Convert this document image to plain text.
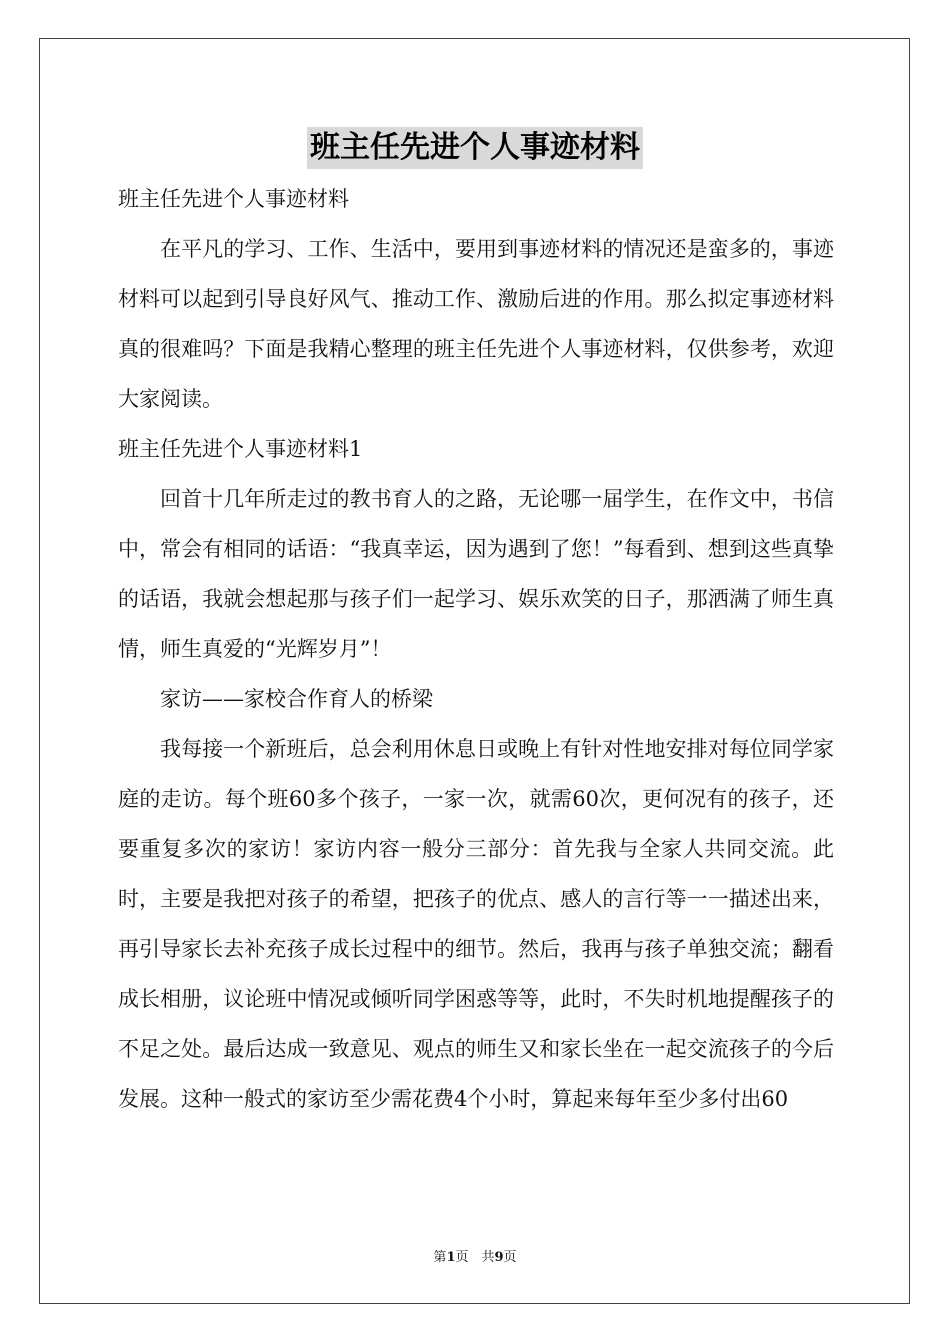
班主任先进个人事迹材料

班主任先进个人事迹材料

在平凡的学习、工作、生活中，要用到事迹材料的情况还是蛮多的，事迹材料可以起到引导良好风气、推动工作、激励后进的作用。那么拟定事迹材料真的很难吗？下面是我精心整理的班主任先进个人事迹材料，仅供参考，欢迎大家阅读。

班主任先进个人事迹材料1

回首十几年所走过的教书育人的之路，无论哪一届学生，在作文中，书信中，常会有相同的话语：“我真幸运，因为遇到了您！”每看到、想到这些真挚的话语，我就会想起那与孩子们一起学习、娱乐欢笑的日子，那洒满了师生真情，师生真爱的“光辉岁月”！

家访——家校合作育人的桥梁

我每接一个新班后，总会利用休息日或晚上有针对性地安排对每位同学家庭的走访。每个班60多个孩子，一家一次，就需60次，更何况有的孩子，还要重复多次的家访！家访内容一般分三部分：首先我与全家人共同交流。此时，主要是我把对孩子的希望，把孩子的优点、感人的言行等一一描述出来，再引导家长去补充孩子成长过程中的细节。然后，我再与孩子单独交流；翻看成长相册，议论班中情况或倾听同学困惑等等，此时，不失时机地提醒孩子的不足之处。最后达成一致意见、观点的师生又和家长坐在一起交流孩子的今后发展。这种一般式的家访至少需花费4个小时，算起来每年至少多付出60

第1页　共9页
